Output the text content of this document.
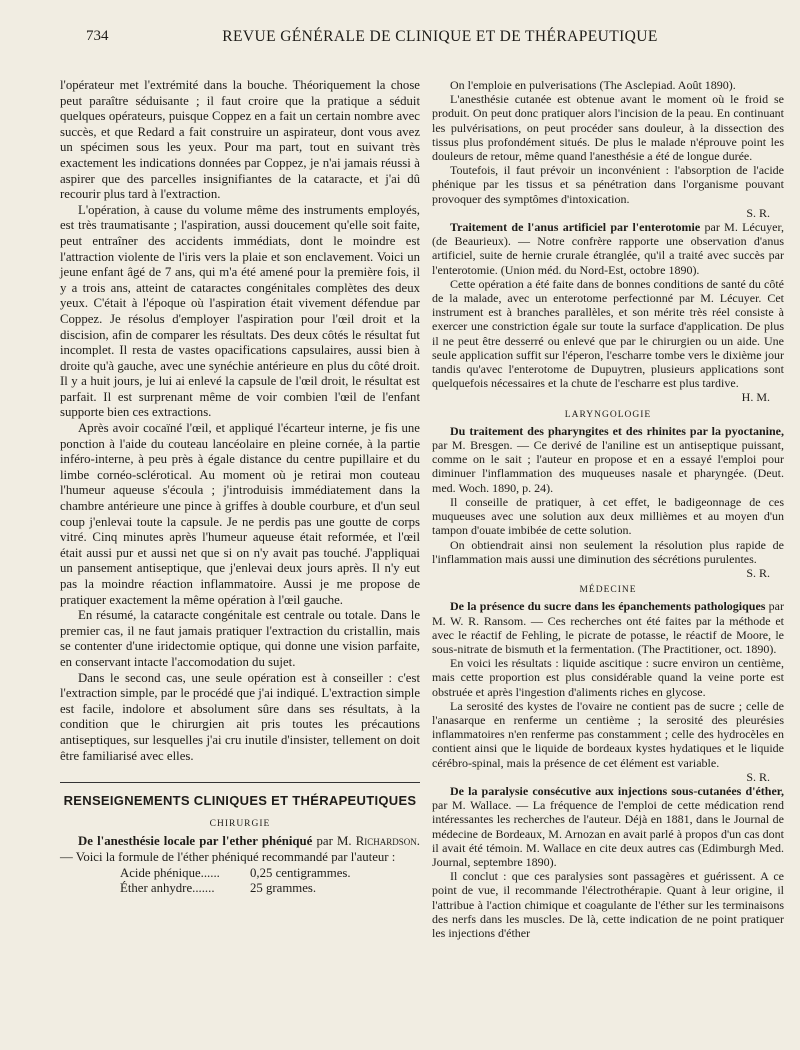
734	REVUE GÉNÉRALE DE CLINIQUE ET DE THÉRAPEUTIQUE

l'opérateur met l'extrémité dans la bouche. Théoriquement la chose peut paraître séduisante ; il faut croire que la pratique a séduit quelques opérateurs, puisque Coppez en a fait un certain nombre avec succès, et que Redard a fait construire un aspirateur, dont vous avez un spécimen sous les yeux. Pour ma part, tout en suivant très exactement les indications données par Coppez, je n'ai jamais réussi à aspirer que des parcelles insignifiantes de la cataracte, et j'ai dû recourir plus tard à l'extraction.

L'opération, à cause du volume même des instruments employés, est très traumatisante ; l'aspiration, aussi doucement qu'elle soit faite, peut entraîner des accidents immédiats, dont le moindre est l'attraction violente de l'iris vers la plaie et son enclavement. Voici un jeune enfant âgé de 7 ans, qui m'a été amené pour la première fois, il y a trois ans, atteint de cataractes congénitales complètes des deux yeux. C'était à l'époque où l'aspiration était vivement défendue par Coppez. Je résolus d'employer l'aspiration pour l'œil droit et la discision, afin de comparer les résultats. Des deux côtés le résultat fut incomplet. Il resta de vastes opacifications capsulaires, aussi bien à droite qu'à gauche, avec une synéchie antérieure en plus du côté droit. Il y a huit jours, je lui ai enlevé la capsule de l'œil droit, le résultat est parfait. Il est surprenant même de voir combien l'œil de l'enfant supporte bien ces extractions.

Après avoir cocaïné l'œil, et appliqué l'écarteur interne, je fis une ponction à l'aide du couteau lancéolaire en pleine cornée, à la partie inféro-interne, à peu près à égale distance du centre pupillaire et du limbe cornéo-sclérotical. Au moment où je retirai mon couteau l'humeur aqueuse s'écoula ; j'introduisis immédiatement dans la chambre antérieure une pince à griffes à double courbure, et d'un seul coup j'enlevai toute la capsule. Je ne perdis pas une goutte de corps vitré. Cinq minutes après l'humeur aqueuse était reformée, et l'œil était aussi pur et aussi net que si on n'y avait pas touché. J'appliquai un pansement antiseptique, que j'enlevai deux jours après. Il n'y eut pas la moindre réaction inflammatoire. Aussi je me propose de pratiquer exactement la même opération à l'œil gauche.

En résumé, la cataracte congénitale est centrale ou totale. Dans le premier cas, il ne faut jamais pratiquer l'extraction du cristallin, mais se contenter d'une iridectomie optique, qui donne une vision parfaite, en conservant intacte l'accomodation du sujet.

Dans le second cas, une seule opération est à conseiller : c'est l'extraction simple, par le procédé que j'ai indiqué. L'extraction simple est facile, indolore et absolument sûre dans ses résultats, à la condition que le chirurgien ait pris toutes les précautions antiseptiques, sur lesquelles j'ai cru inutile d'insister, tellement on doit être familiarisé avec elles.

RENSEIGNEMENTS CLINIQUES ET THÉRAPEUTIQUES
CHIRURGIE

De l'anesthésie locale par l'ether phéniqué par M. Richardson. — Voici la formule de l'éther phéniqué recommandé par l'auteur :

Acide phénique......	0,25 centigrammes.
Éther anhydre.......	25 grammes.

On l'emploie en pulverisations (The Asclepiad. Août 1890).

L'anesthésie cutanée est obtenue avant le moment où le froid se produit. On peut donc pratiquer alors l'incision de la peau. En continuant les pulvérisations, on peut procéder sans douleur, à la dissection des tissus plus profondément situés. De plus le malade n'éprouve point les douleurs de retour, même quand l'anesthésie a été de longue durée.

Toutefois, il faut prévoir un inconvénient : l'absorption de l'acide phénique par les tissus et sa pénétration dans l'organisme pouvant provoquer des symptômes d'intoxication.

S. R.

Traitement de l'anus artificiel par l'enterotomie par M. Lécuyer, (de Beaurieux). — Notre confrère rapporte une observation d'anus artificiel, suite de hernie crurale étranglée, qu'il a traité avec succès par l'enterotomie. (Union méd. du Nord-Est, octobre 1890).

Cette opération a été faite dans de bonnes conditions de santé du côté de la malade, avec un enterotome perfectionné par M. Lécuyer. Cet instrument est à branches parallèles, et son mérite très réel consiste à exercer une constriction égale sur toute la surface d'application. De plus il ne peut être desserré ou enlevé que par le chirurgien ou un aide. Une seule application suffit sur l'éperon, l'escharre tombe vers le dixième jour tandis qu'avec l'enterotome de Dupuytren, plusieurs applications sont quelquefois nécessaires et la chute de l'escharre est plus tardive.

H. M.
LARYNGOLOGIE

Du traitement des pharyngites et des rhinites par la pyoctanine, par M. Bresgen. — Ce derivé de l'aniline est un antiseptique puissant, comme on le sait ; l'auteur en propose et en a essayé l'emploi pour diminuer l'inflammation des muqueuses nasale et pharyngée. (Deut. med. Woch. 1890, p. 24).

Il conseille de pratiquer, à cet effet, le badigeonnage de ces muqueuses avec une solution aux deux millièmes et au moyen d'un tampon d'ouate imbibée de cette solution.

On obtiendrait ainsi non seulement la résolution plus rapide de l'inflammation mais aussi une diminution des sécrétions purulentes.

S. R.
MÉDECINE

De la présence du sucre dans les épanchements pathologiques par M. W. R. Ransom. — Ces recherches ont été faites par la méthode et avec le réactif de Fehling, le picrate de potasse, le réactif de Moore, le sous-nitrate de bismuth et la fermentation. (The Practitioner, oct. 1890).

En voici les résultats : liquide ascitique : sucre environ un centième, mais cette proportion est plus considérable quand la veine porte est obstruée et après l'ingestion d'aliments riches en glycose.

La serosité des kystes de l'ovaire ne contient pas de sucre ; celle de l'anasarque en renferme un centième ; la serosité des pleurésies inflammatoires n'en renferme pas constamment ; celle des hydrocèles en contient ainsi que le liquide de bordeaux kystes hydatiques et le liquide cérébro-spinal, mais la présence de cet élément est variable.

S. R.

De la paralysie consécutive aux injections sous-cutanées d'éther, par M. Wallace. — La fréquence de l'emploi de cette médication rend intéressantes les recherches de l'auteur. Déjà en 1881, dans le Journal de médecine de Bordeaux, M. Arnozan en avait parlé à propos d'un cas dont il avait été témoin. M. Wallace en cite deux autres cas (Edimburgh Med. Journal, septembre 1890).

Il conclut : que ces paralysies sont passagères et guérissent. A ce point de vue, il recommande l'électrothérapie. Quant à leur origine, il l'attribue à l'action chimique et coagulante de l'éther sur les terminaisons des nerfs dans les muscles. De là, cette indication de ne point pratiquer les injections d'éther
